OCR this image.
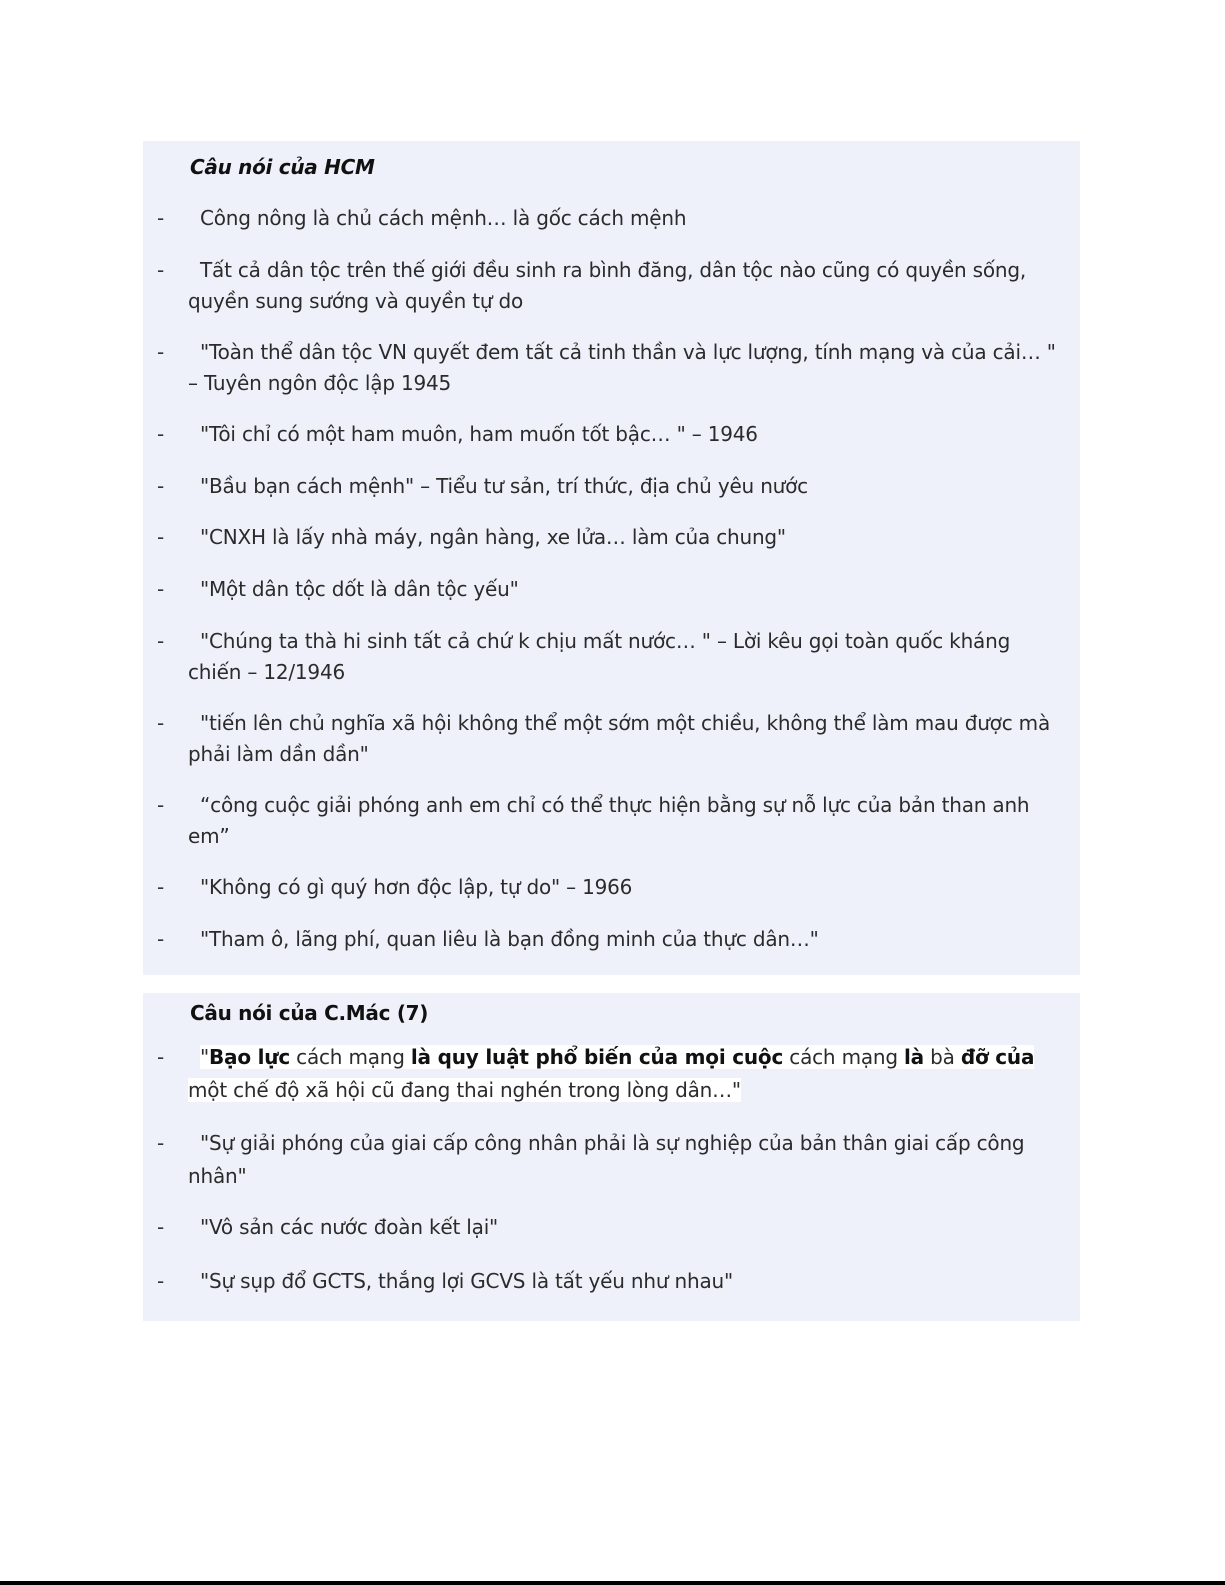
Câu nói của HCM
-	Công nông là chủ cách mệnh… là gốc cách mệnh
-	Tất cả dân tộc trên thế giới đều sinh ra bình đăng, dân tộc nào cũng có quyền sống, quyền sung sướng và quyền tự do
-	"Toàn thể dân tộc VN quyết đem tất cả tinh thần và lực lượng, tính mạng và của cải… " – Tuyên ngôn độc lập 1945
-	"Tôi chỉ có một ham muôn, ham muốn tốt bậc… " – 1946
-	"Bầu bạn cách mệnh" – Tiểu tư sản, trí thức, địa chủ yêu nước
-	"CNXH là lấy nhà máy, ngân hàng, xe lửa… làm của chung"
-	"Một dân tộc dốt là dân tộc yếu"
-	"Chúng ta thà hi sinh tất cả chứ k chịu mất nước… " – Lời kêu gọi toàn quốc kháng chiến – 12/1946
-	"tiến lên chủ nghĩa xã hội không thể một sớm một chiều, không thể làm mau được mà phải làm dần dần"
-	“công cuộc giải phóng anh em chỉ có thể thực hiện bằng sự nỗ lực của bản than anh em”
-	"Không có gì quý hơn độc lập, tự do" – 1966
-	"Tham ô, lãng phí, quan liêu là bạn đồng minh của thực dân…"
Câu nói của C.Mác (7)
-	"Bạo lực cách mạng là quy luật phổ biến của mọi cuộc cách mạng là bà đỡ của một chế độ xã hội cũ đang thai nghén trong lòng dân…"
-	"Sự giải phóng của giai cấp công nhân phải là sự nghiệp của bản thân giai cấp công nhân"
-	"Vô sản các nước đoàn kết lại"
-	"Sự sụp đổ GCTS, thắng lợi GCVS là tất yếu như nhau"
